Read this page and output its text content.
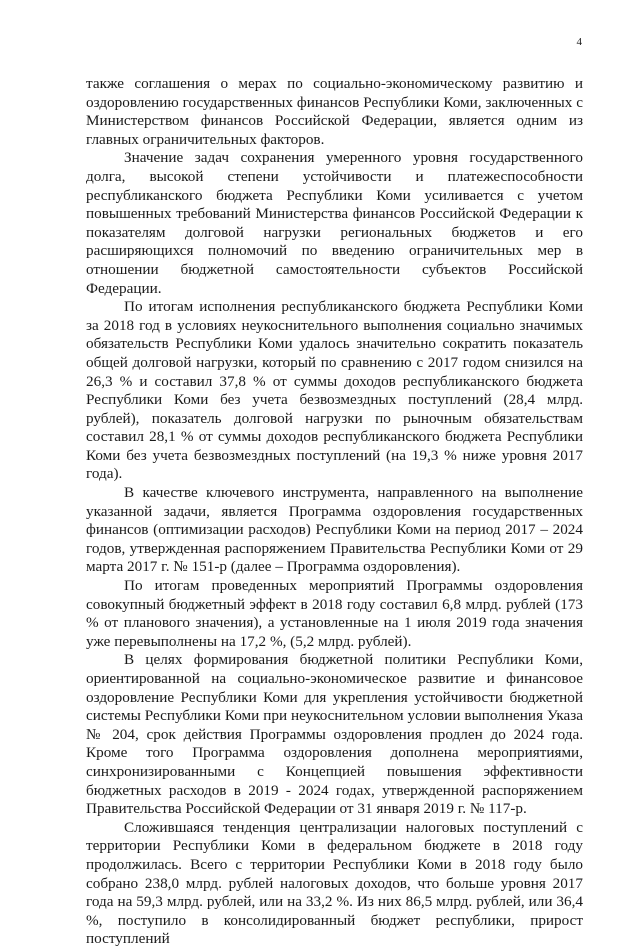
4

также соглашения о мерах по социально-экономическому развитию и оздоровлению государственных финансов Республики Коми, заключенных с Министерством финансов Российской Федерации, является одним из главных ограничительных факторов.

Значение задач сохранения умеренного уровня государственного долга, высокой степени устойчивости и платежеспособности республиканского бюджета Республики Коми усиливается с учетом повышенных требований Министерства финансов Российской Федерации к показателям долговой нагрузки региональных бюджетов и его расширяющихся полномочий по введению ограничительных мер в отношении бюджетной самостоятельности субъектов Российской Федерации.

По итогам исполнения республиканского бюджета Республики Коми за 2018 год в условиях неукоснительного выполнения социально значимых обязательств Республики Коми удалось значительно сократить показатель общей долговой нагрузки, который по сравнению с 2017 годом снизился на 26,3 % и составил 37,8 % от суммы доходов республиканского бюджета Республики Коми без учета безвозмездных поступлений (28,4 млрд. рублей), показатель долговой нагрузки по рыночным обязательствам составил 28,1 % от суммы доходов республиканского бюджета Республики Коми без учета безвозмездных поступлений (на 19,3 % ниже уровня 2017 года).

В качестве ключевого инструмента, направленного на выполнение указанной задачи, является Программа оздоровления государственных финансов (оптимизации расходов) Республики Коми на период 2017 – 2024 годов, утвержденная распоряжением Правительства Республики Коми от 29 марта 2017 г. № 151-р (далее – Программа оздоровления).

По итогам проведенных мероприятий Программы оздоровления совокупный бюджетный эффект в 2018 году составил 6,8 млрд. рублей (173 % от планового значения), а установленные на 1 июля 2019 года значения уже перевыполнены на 17,2 %, (5,2 млрд. рублей).

В целях формирования бюджетной политики Республики Коми, ориентированной на социально-экономическое развитие и финансовое оздоровление Республики Коми для укрепления устойчивости бюджетной системы Республики Коми при неукоснительном условии выполнения Указа № 204, срок действия Программы оздоровления продлен до 2024 года. Кроме того Программа оздоровления дополнена мероприятиями, синхронизированными с Концепцией повышения эффективности бюджетных расходов в 2019 - 2024 годах, утвержденной распоряжением Правительства Российской Федерации от 31 января 2019 г. № 117-р.

Сложившаяся тенденция централизации налоговых поступлений с территории Республики Коми в федеральном бюджете в 2018 году продолжилась. Всего с территории Республики Коми в 2018 году было собрано 238,0 млрд. рублей налоговых доходов, что больше уровня 2017 года на 59,3 млрд. рублей, или на 33,2 %. Из них 86,5 млрд. рублей, или 36,4 %, поступило в консолидированный бюджет республики, прирост поступлений
